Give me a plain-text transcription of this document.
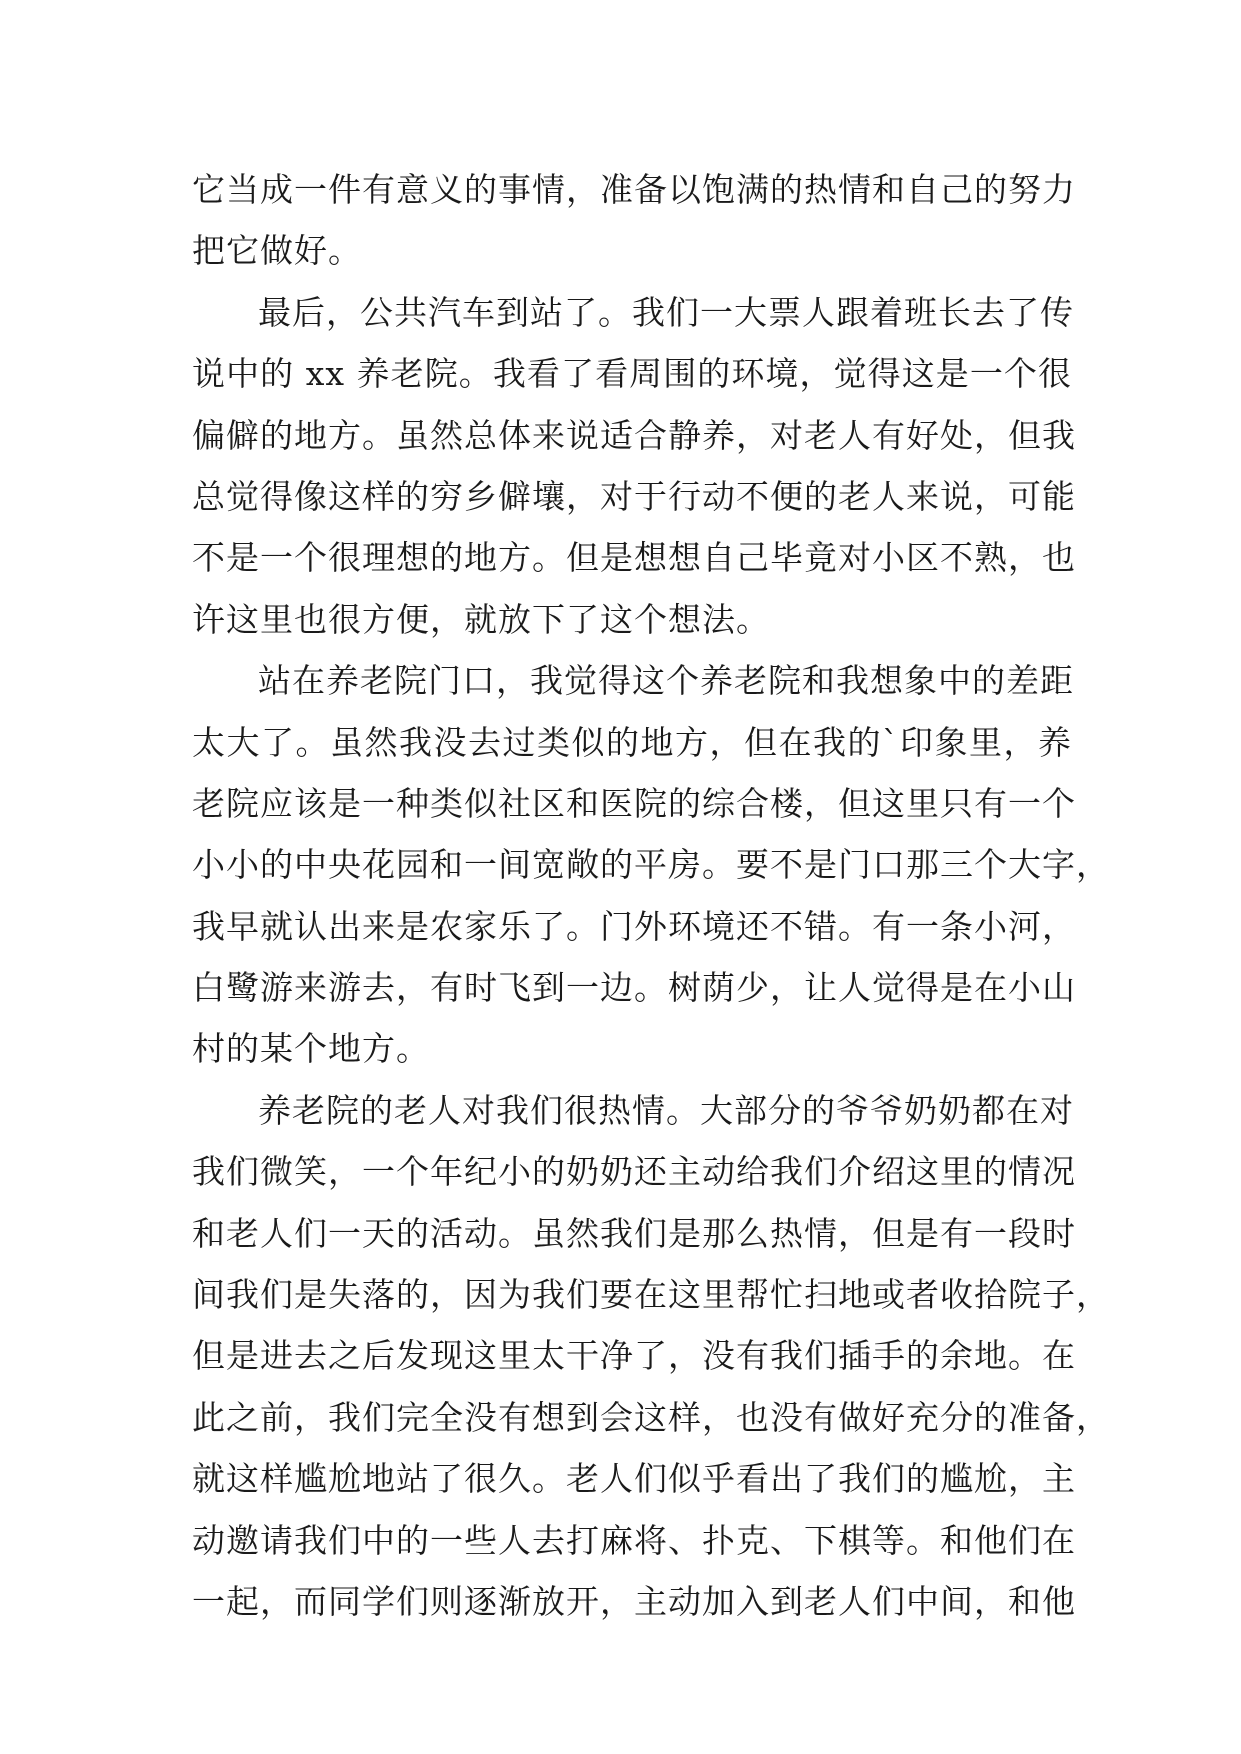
它当成一件有意义的事情，准备以饱满的热情和自己的努力
把它做好。
最后，公共汽车到站了。我们一大票人跟着班长去了传
说中的 xx 养老院。我看了看周围的环境，觉得这是一个很
偏僻的地方。虽然总体来说适合静养，对老人有好处，但我
总觉得像这样的穷乡僻壤，对于行动不便的老人来说，可能
不是一个很理想的地方。但是想想自己毕竟对小区不熟，也
许这里也很方便，就放下了这个想法。
站在养老院门口，我觉得这个养老院和我想象中的差距
太大了。虽然我没去过类似的地方，但在我的`印象里，养
老院应该是一种类似社区和医院的综合楼，但这里只有一个
小小的中央花园和一间宽敞的平房。要不是门口那三个大字，
我早就认出来是农家乐了。门外环境还不错。有一条小河，
白鹭游来游去，有时飞到一边。树荫少，让人觉得是在小山
村的某个地方。
养老院的老人对我们很热情。大部分的爷爷奶奶都在对
我们微笑，一个年纪小的奶奶还主动给我们介绍这里的情况
和老人们一天的活动。虽然我们是那么热情，但是有一段时
间我们是失落的，因为我们要在这里帮忙扫地或者收拾院子，
但是进去之后发现这里太干净了，没有我们插手的余地。在
此之前，我们完全没有想到会这样，也没有做好充分的准备，
就这样尴尬地站了很久。老人们似乎看出了我们的尴尬，主
动邀请我们中的一些人去打麻将、扑克、下棋等。和他们在
一起，而同学们则逐渐放开，主动加入到老人们中间，和他
